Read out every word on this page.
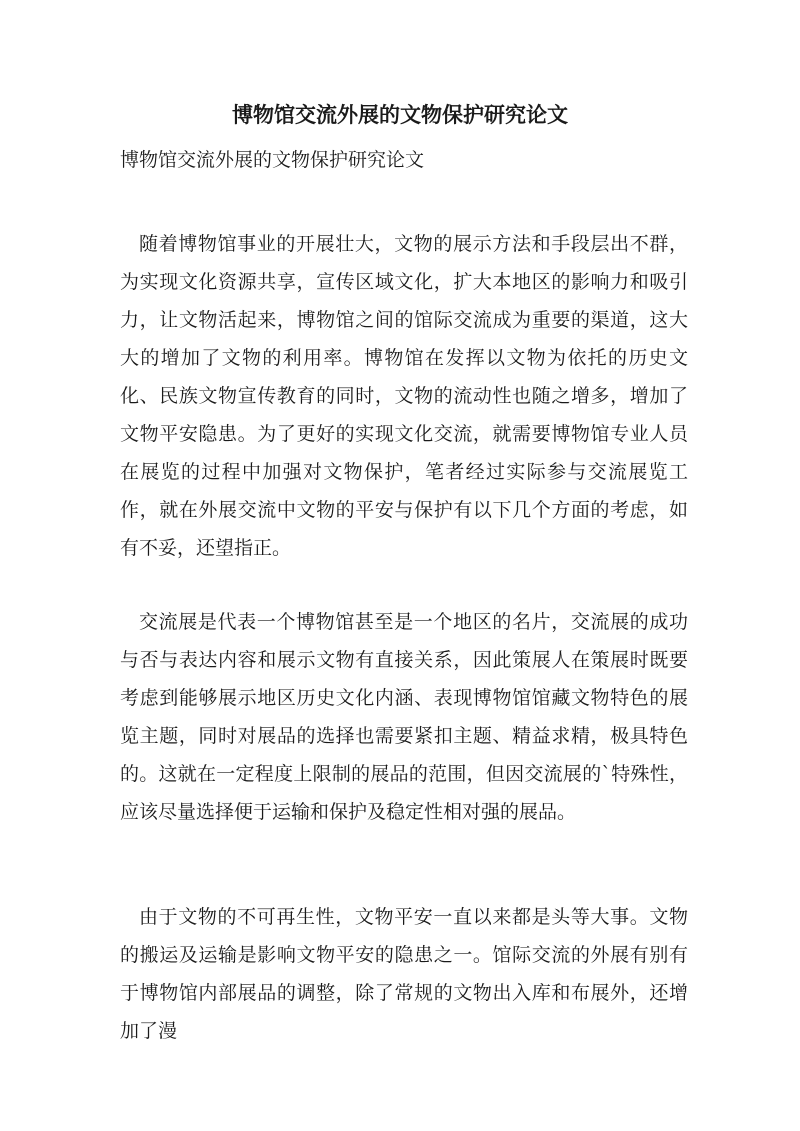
博物馆交流外展的文物保护研究论文

博物馆交流外展的文物保护研究论文

随着博物馆事业的开展壮大，文物的展示方法和手段层出不群，为实现文化资源共享，宣传区域文化，扩大本地区的影响力和吸引力，让文物活起来，博物馆之间的馆际交流成为重要的渠道，这大大的增加了文物的利用率。博物馆在发挥以文物为依托的历史文化、民族文物宣传教育的同时，文物的流动性也随之增多，增加了文物平安隐患。为了更好的实现文化交流，就需要博物馆专业人员在展览的过程中加强对文物保护，笔者经过实际参与交流展览工作，就在外展交流中文物的平安与保护有以下几个方面的考虑，如有不妥，还望指正。

交流展是代表一个博物馆甚至是一个地区的名片，交流展的成功与否与表达内容和展示文物有直接关系，因此策展人在策展时既要考虑到能够展示地区历史文化内涵、表现博物馆馆藏文物特色的展览主题，同时对展品的选择也需要紧扣主题、精益求精，极具特色的。这就在一定程度上限制的展品的范围，但因交流展的`特殊性，应该尽量选择便于运输和保护及稳定性相对强的展品。

由于文物的不可再生性，文物平安一直以来都是头等大事。文物的搬运及运输是影响文物平安的隐患之一。馆际交流的外展有别有于博物馆内部展品的调整，除了常规的文物出入库和布展外，还增加了漫
